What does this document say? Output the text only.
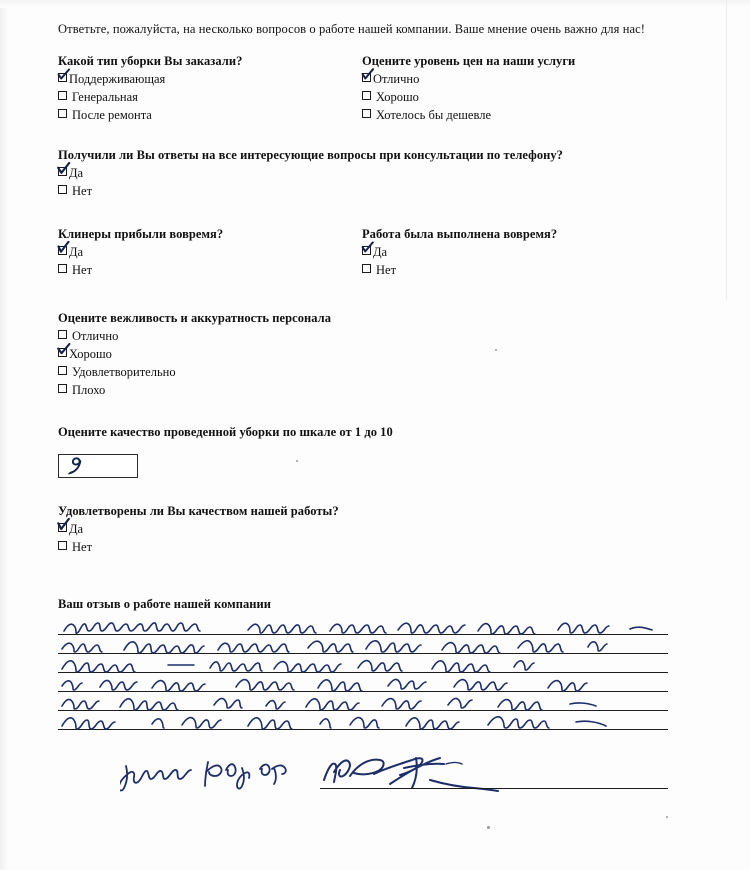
Ответьте, пожалуйста, на несколько вопросов о работе нашей компании. Ваше мнение очень важно для нас!
Какой тип уборки Вы заказали?
Поддерживающая
Генеральная
После ремонта
Оцените уровень цен на наши услуги
Отлично
Хорошо
Хотелось бы дешевле
Получили ли Вы ответы на все интересующие вопросы при консультации по телефону?
Да
Нет
Клинеры прибыли вовремя?
Да
Нет
Работа была выполнена вовремя?
Да
Нет
Оцените вежливость и аккуратность персонала
Отлично
Хорошо
Удовлетворительно
Плохо
Оцените качество проведенной уборки по шкале от 1 до 10
Удовлетворены ли Вы качеством нашей работы?
Да
Нет
Ваш отзыв о работе нашей компании
